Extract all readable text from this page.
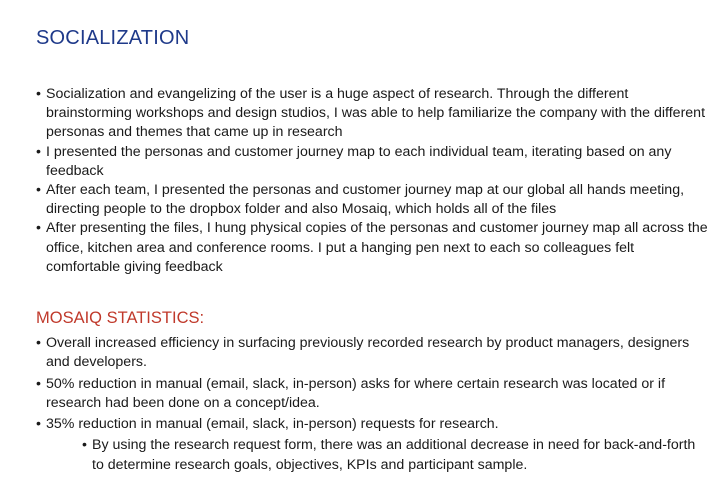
SOCIALIZATION
• Socialization and evangelizing of the user is a huge aspect of research. Through the different brainstorming workshops and design studios, I was able to help familiarize the company with the different personas and themes that came up in research
• I presented the personas and customer journey map to each individual team, iterating based on any feedback
• After each team, I presented the personas and customer journey map at our global all hands meeting, directing people to the dropbox folder and also Mosaiq, which holds all of the files
• After presenting the files, I hung physical copies of the personas and customer journey map all across the office, kitchen area and conference rooms. I put a hanging pen next to each so colleagues felt comfortable giving feedback
MOSAIQ STATISTICS:
• Overall increased efficiency in surfacing previously recorded research by product managers, designers and developers.
• 50% reduction in manual (email, slack, in-person) asks for where certain research was located or if research had been done on a concept/idea.
• 35% reduction in manual (email, slack, in-person) requests for research.
• By using the research request form, there was an additional decrease in need for back-and-forth to determine research goals, objectives, KPIs and participant sample.
